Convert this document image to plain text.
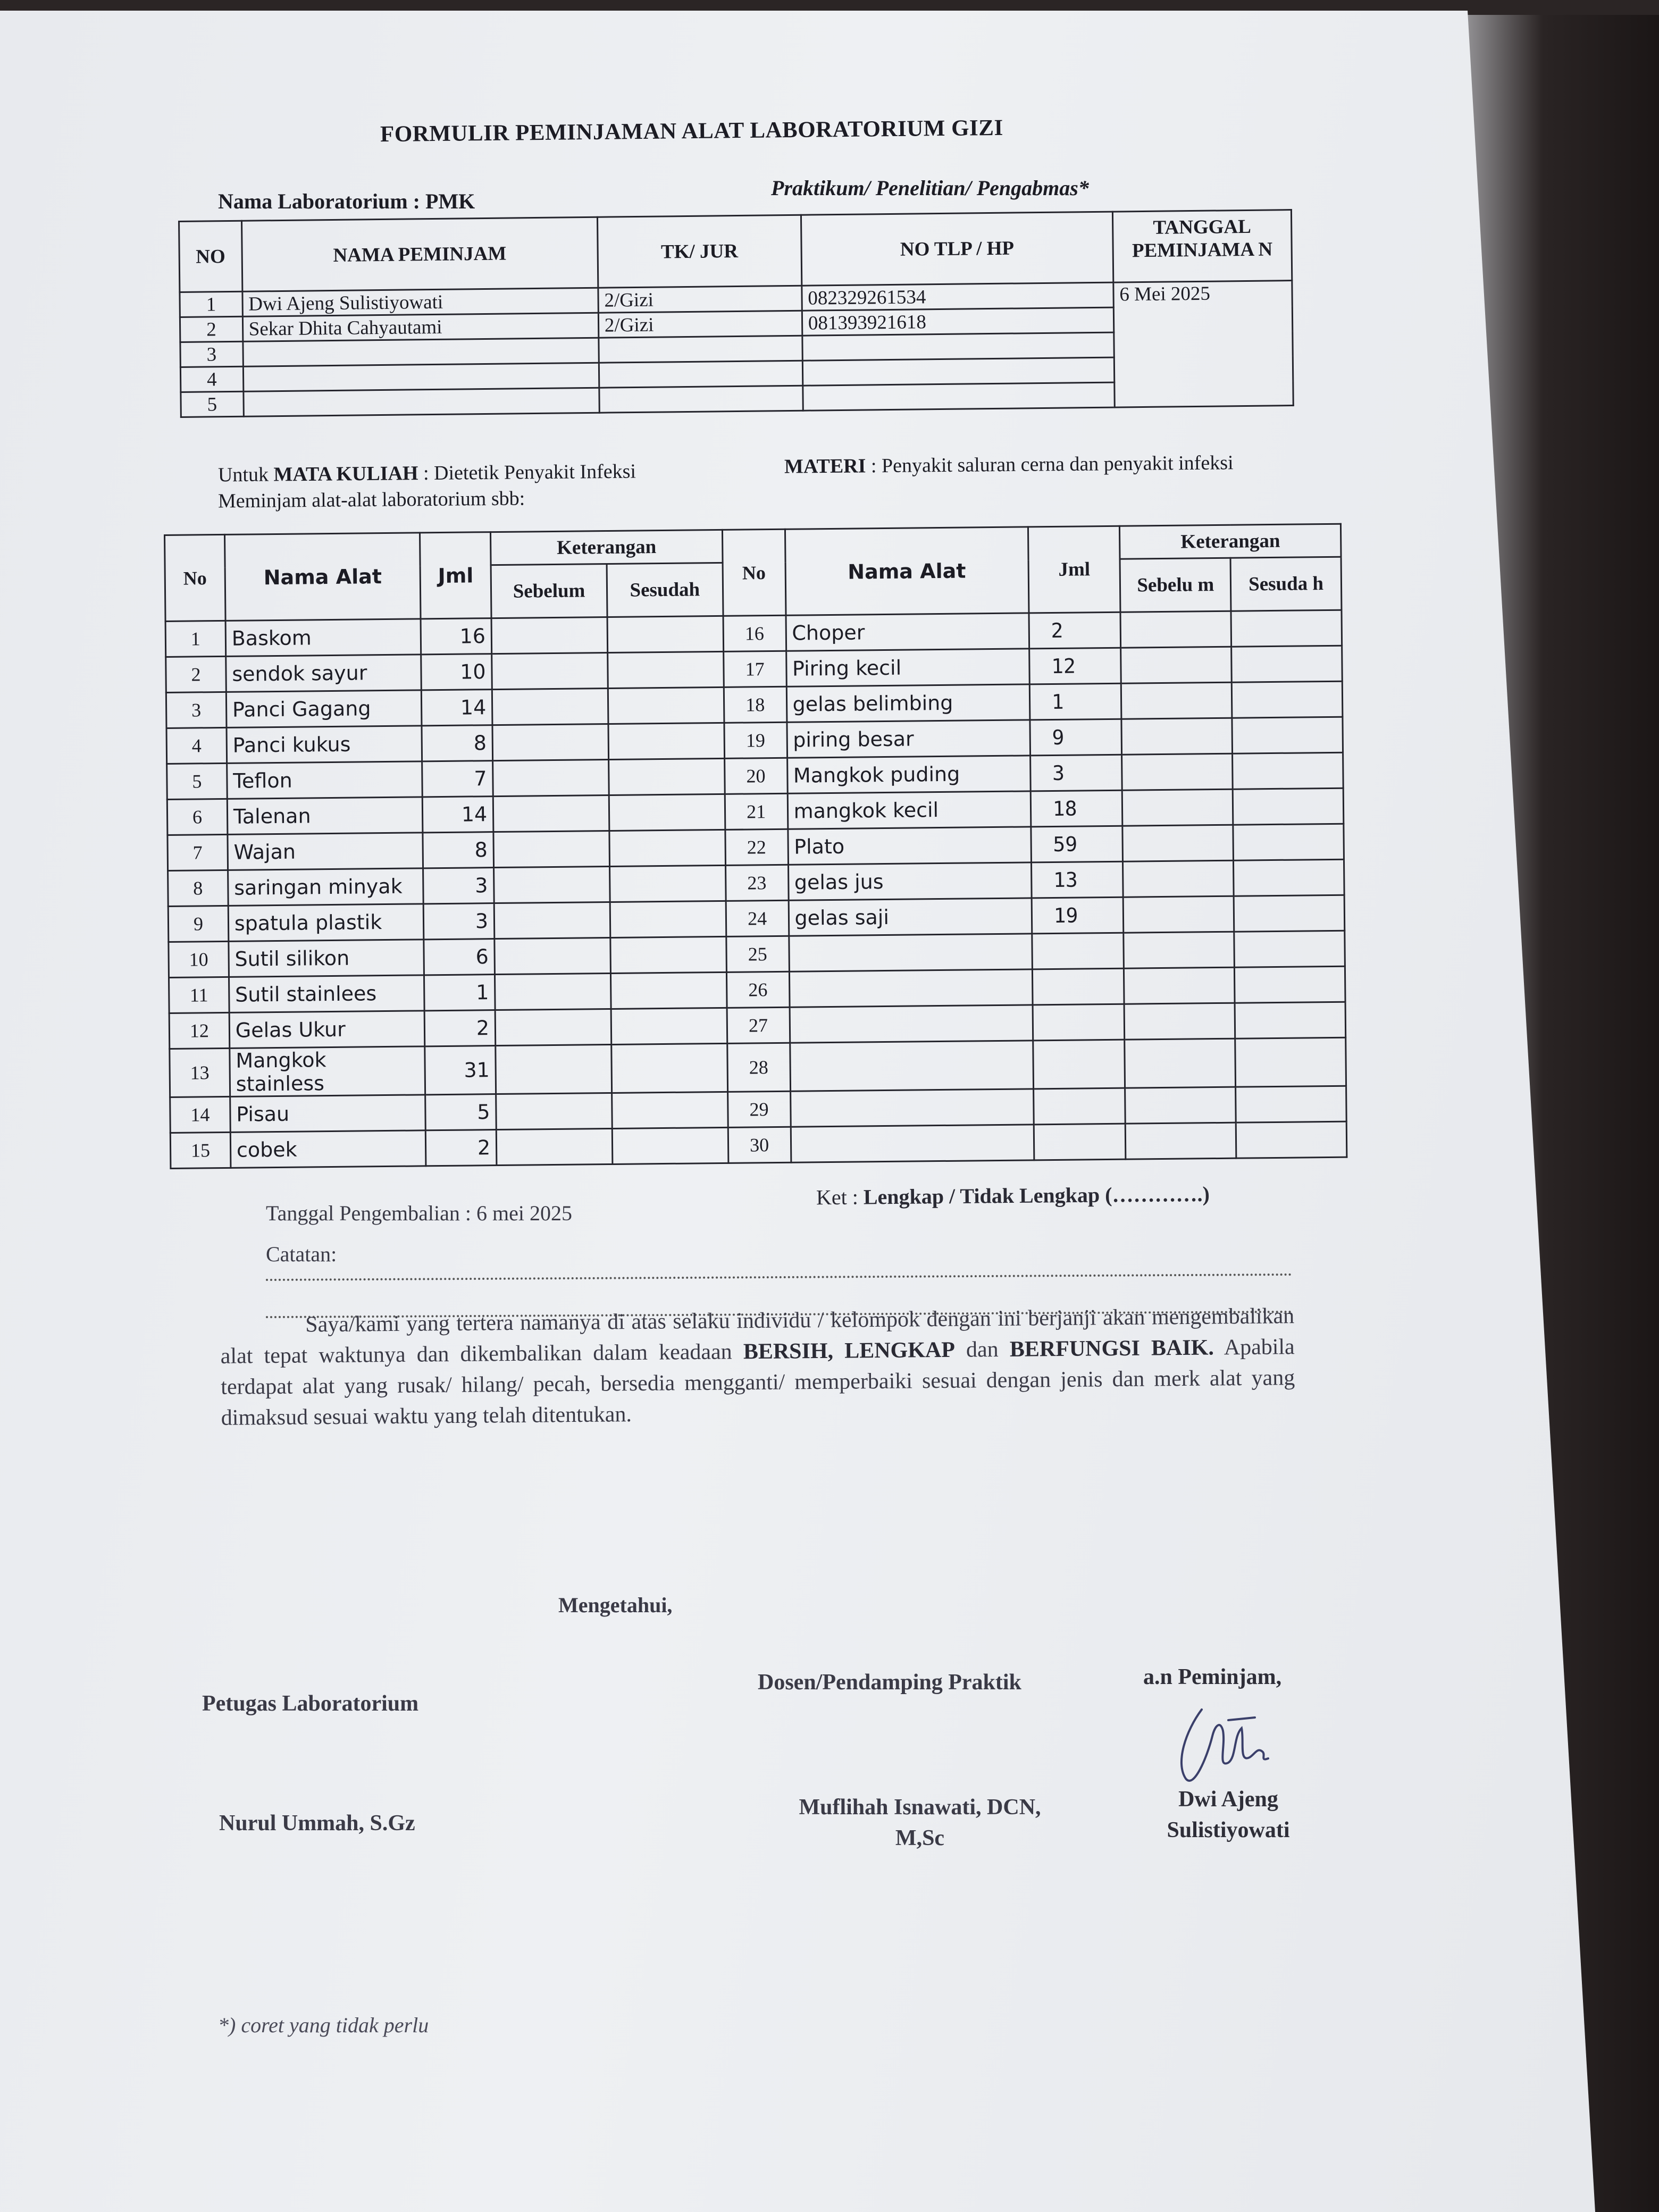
FORMULIR PEMINJAMAN ALAT LABORATORIUM GIZI
Nama Laboratorium : PMK
Praktikum/ Penelitian/ Pengabmas*
NO	NAMA PEMINJAM	TK/ JUR	NO TLP / HP	TANGGAL PEMINJAMA N
1	Dwi Ajeng Sulistiyowati	2/Gizi	082329261534	6 Mei 2025
2	Sekar Dhita Cahyautami	2/Gizi	081393921618	
3				
4				
5				
Untuk MATA KULIAH : Dietetik Penyakit Infeksi	MATERI : Penyakit saluran cerna dan penyakit infeksi
Meminjam alat-alat laboratorium sbb:
No	Nama Alat	Jml	Keterangan		No	Nama Alat	Jml	Keterangan	
			Sebelum	Sesudah				Sebelu m	Sesuda h
1	Baskom	16			16	Choper	2		
2	sendok sayur	10			17	Piring kecil	12		
3	Panci Gagang	14			18	gelas belimbing	1		
4	Panci kukus	8			19	piring besar	9		
5	Teflon	7			20	Mangkok puding	3		
6	Talenan	14			21	mangkok kecil	18		
7	Wajan	8			22	Plato	59		
8	saringan minyak	3			23	gelas jus	13		
9	spatula plastik	3			24	gelas saji	19		
10	Sutil silikon	6			25				
11	Sutil stainlees	1			26				
12	Gelas Ukur	2			27				
13	Mangkok stainless	31			28				
14	Pisau	5			29				
15	cobek	2			30				
Tanggal Pengembalian : 6 mei 2025
Ket : Lengkap / Tidak Lengkap (………….)
Catatan:
Saya/kami yang tertera namanya di atas selaku individu / kelompok dengan ini berjanji akan mengembalikan alat tepat waktunya dan dikembalikan dalam keadaan BERSIH, LENGKAP dan BERFUNGSI BAIK. Apabila terdapat alat yang rusak/ hilang/ pecah, bersedia mengganti/ memperbaiki sesuai dengan jenis dan merk alat yang dimaksud sesuai waktu yang telah ditentukan.
Mengetahui,
Petugas Laboratorium
Dosen/Pendamping Praktik	a.n Peminjam,
Nurul Ummah, S.Gz
Muflihah Isnawati, DCN,
M,Sc
Dwi Ajeng
Sulistiyowati
*) coret yang tidak perlu
